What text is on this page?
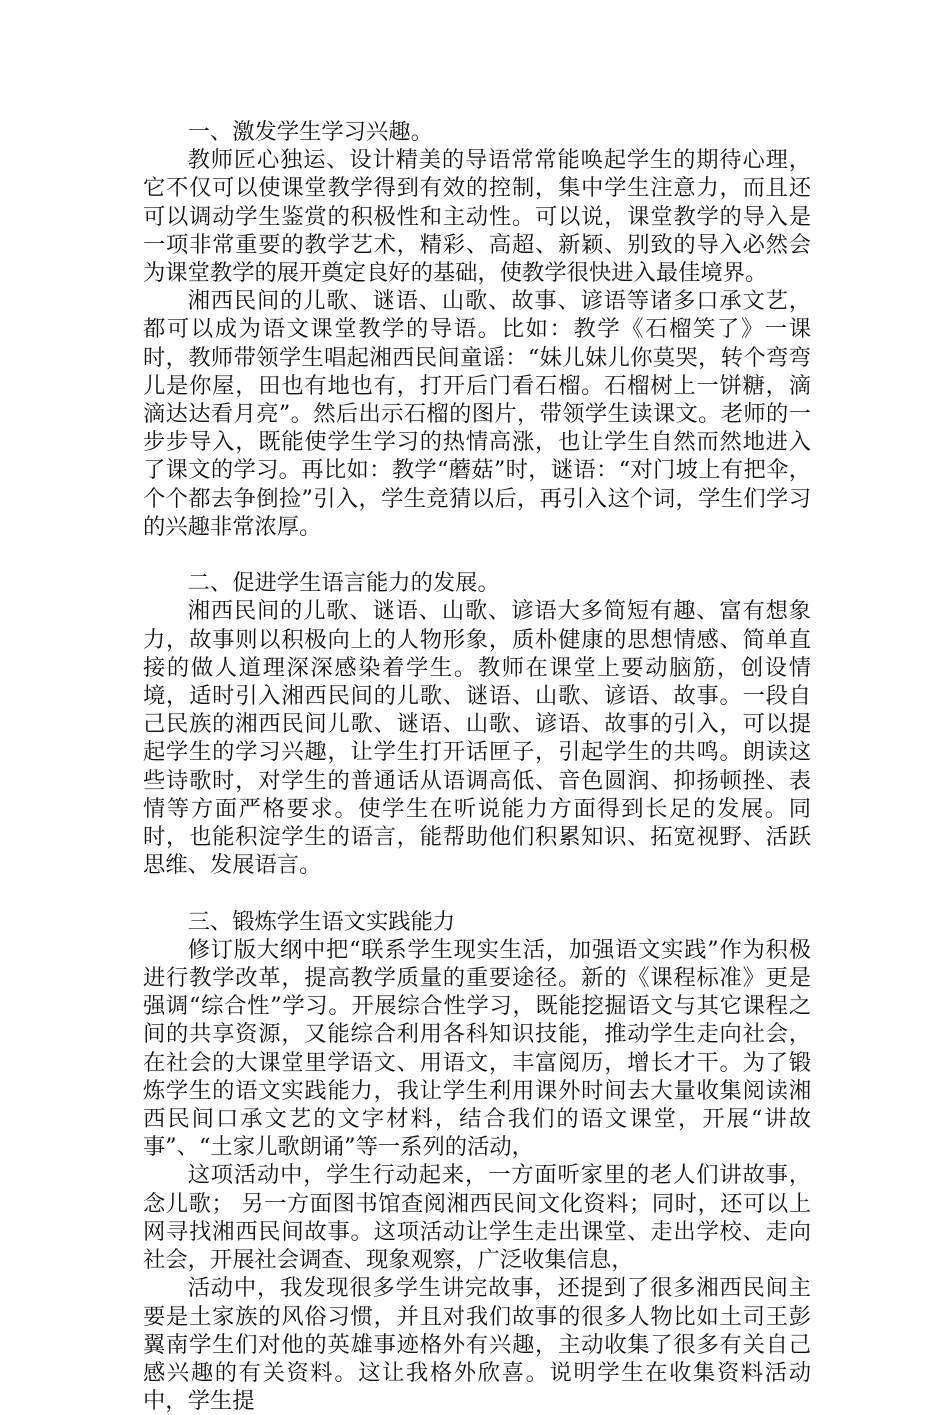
一、激发学生学习兴趣。

教师匠心独运、设计精美的导语常常能唤起学生的期待心理，它不仅可以使课堂教学得到有效的控制，集中学生注意力，而且还可以调动学生鉴赏的积极性和主动性。可以说，课堂教学的导入是一项非常重要的教学艺术，精彩、高超、新颖、别致的导入必然会为课堂教学的展开奠定良好的基础，使教学很快进入最佳境界。

湘西民间的儿歌、谜语、山歌、故事、谚语等诸多口承文艺，都可以成为语文课堂教学的导语。比如：教学《石榴笑了》一课时，教师带领学生唱起湘西民间童谣：“妹儿妹儿你莫哭，转个弯弯儿是你屋，田也有地也有，打开后门看石榴。石榴树上一饼糖，滴滴达达看月亮”。然后出示石榴的图片，带领学生读课文。老师的一步步导入，既能使学生学习的热情高涨，也让学生自然而然地进入了课文的学习。再比如：教学“蘑菇”时，谜语：“对门坡上有把伞，个个都去争倒捡”引入，学生竞猜以后，再引入这个词，学生们学习的兴趣非常浓厚。

二、促进学生语言能力的发展。

湘西民间的儿歌、谜语、山歌、谚语大多简短有趣、富有想象力，故事则以积极向上的人物形象，质朴健康的思想情感、简单直接的做人道理深深感染着学生。教师在课堂上要动脑筋，创设情境，适时引入湘西民间的儿歌、谜语、山歌、谚语、故事。一段自己民族的湘西民间儿歌、谜语、山歌、谚语、故事的引入，可以提起学生的学习兴趣，让学生打开话匣子，引起学生的共鸣。朗读这些诗歌时，对学生的普通话从语调高低、音色圆润、抑扬顿挫、表情等方面严格要求。使学生在听说能力方面得到长足的发展。同时，也能积淀学生的语言，能帮助他们积累知识、拓宽视野、活跃思维、发展语言。

三、锻炼学生语文实践能力

修订版大纲中把“联系学生现实生活，加强语文实践”作为积极进行教学改革，提高教学质量的重要途径。新的《课程标准》更是强调“综合性”学习。开展综合性学习，既能挖掘语文与其它课程之间的共享资源，又能综合利用各科知识技能，推动学生走向社会，在社会的大课堂里学语文、用语文，丰富阅历，增长才干。为了锻炼学生的语文实践能力，我让学生利用课外时间去大量收集阅读湘西民间口承文艺的文字材料，结合我们的语文课堂，开展“讲故事”、“土家儿歌朗诵”等一系列的活动，

这项活动中，学生行动起来，一方面听家里的老人们讲故事，念儿歌； 另一方面图书馆查阅湘西民间文化资料；同时，还可以上网寻找湘西民间故事。这项活动让学生走出课堂、走出学校、走向社会，开展社会调查、现象观察，广泛收集信息，

活动中，我发现很多学生讲完故事，还提到了很多湘西民间主要是土家族的风俗习惯，并且对我们故事的很多人物比如土司王彭翼南学生们对他的英雄事迹格外有兴趣，主动收集了很多有关自己感兴趣的有关资料。这让我格外欣喜。说明学生在收集资料活动中，学生提
